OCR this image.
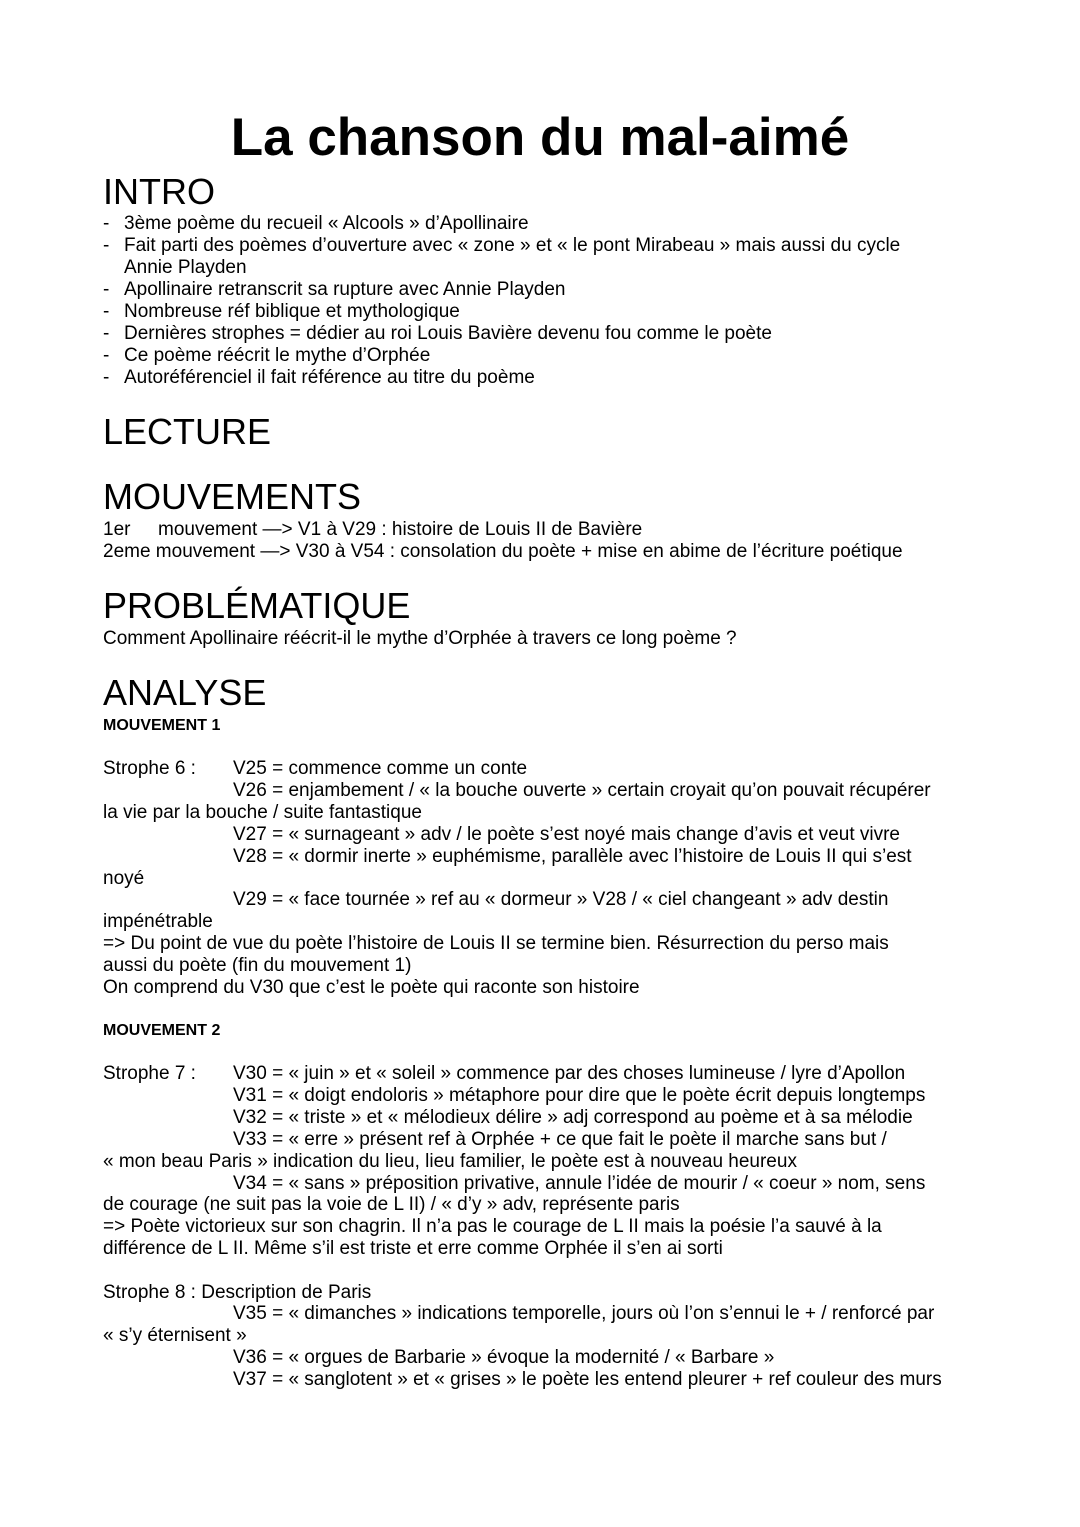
La chanson du mal-aimé
INTRO
- 3ème poème du recueil « Alcools » d’Apollinaire
- Fait parti des poèmes d’ouverture avec « zone » et « le pont Mirabeau » mais aussi du cycle
Annie Playden
- Apollinaire retranscrit sa rupture avec Annie Playden
- Nombreuse réf biblique et mythologique
- Dernières strophes = dédier au roi Louis Bavière devenu fou comme le poète
- Ce poème réécrit le mythe d’Orphée
- Autoréférenciel il fait référence au titre du poème
LECTURE
MOUVEMENTS
1er mouvement —> V1 à V29 : histoire de Louis II de Bavière
2eme mouvement —> V30 à V54 : consolation du poète + mise en abime de l’écriture poétique
PROBLÉMATIQUE
Comment Apollinaire réécrit-il le mythe d’Orphée à travers ce long poème ?
ANALYSE
MOUVEMENT 1
Strophe 6 : V25 = commence comme un conte
V26 = enjambement / « la bouche ouverte » certain croyait qu’on pouvait récupérer
la vie par la bouche / suite fantastique
V27 = « surnageant » adv / le poète s’est noyé mais change d’avis et veut vivre
V28 = « dormir inerte » euphémisme, parallèle avec l’histoire de Louis II qui s’est
noyé
V29 = « face tournée » ref au « dormeur » V28 / « ciel changeant » adv destin
impénétrable
=> Du point de vue du poète l’histoire de Louis II se termine bien. Résurrection du perso mais
aussi du poète (fin du mouvement 1)
On comprend du V30 que c’est le poète qui raconte son histoire
MOUVEMENT 2
Strophe 7 : V30 = « juin » et « soleil » commence par des choses lumineuse / lyre d’Apollon
V31 = « doigt endoloris » métaphore pour dire que le poète écrit depuis longtemps
V32 = « triste » et « mélodieux délire » adj correspond au poème et à sa mélodie
V33 = « erre » présent ref à Orphée + ce que fait le poète il marche sans but /
« mon beau Paris » indication du lieu, lieu familier, le poète est à nouveau heureux
V34 = « sans » préposition privative, annule l’idée de mourir / « coeur » nom, sens
de courage (ne suit pas la voie de L II) / « d’y » adv, représente paris
=> Poète victorieux sur son chagrin. Il n’a pas le courage de L II mais la poésie l’a sauvé à la
différence de L II. Même s’il est triste et erre comme Orphée il s’en ai sorti
Strophe 8 : Description de Paris
V35 = « dimanches » indications temporelle, jours où l’on s’ennui le + / renforcé par
« s’y éternisent »
V36 = « orgues de Barbarie » évoque la modernité / « Barbare »
V37 = « sanglotent » et « grises » le poète les entend pleurer + ref couleur des murs
